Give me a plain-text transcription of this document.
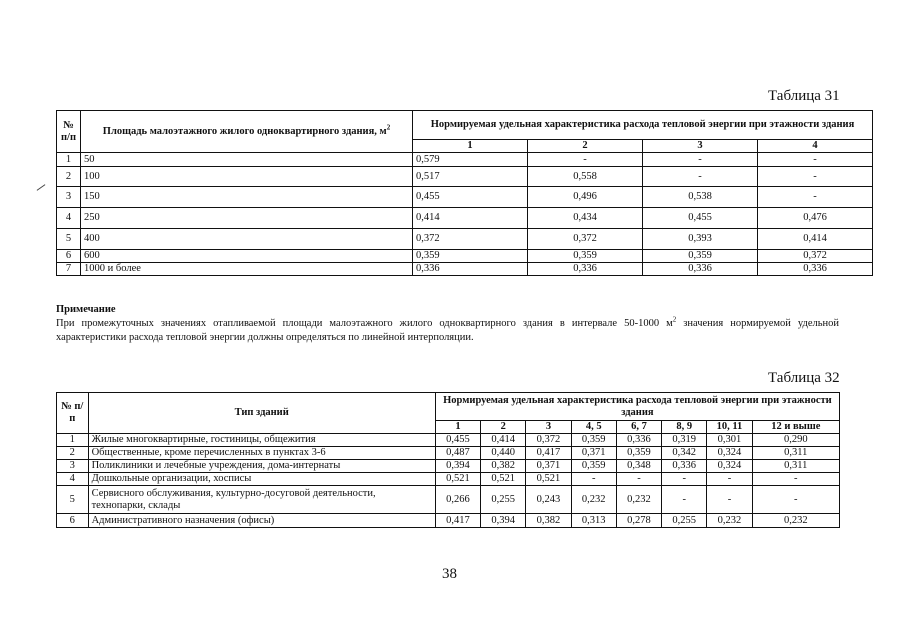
Таблица 31
№ п/п	Площадь малоэтажного жилого одноквартирного здания, $м^2$	Нормируемая удельная характеристика расхода тепловой энергии при этажности здания			
		1	2	3	4
1	50	0,579	-	-	-
2	100	0,517	0,558	-	-
3	150	0,455	0,496	0,538	-
4	250	0,414	0,434	0,455	0,476
5	400	0,372	0,372	0,393	0,414
6	600	0,359	0,359	0,359	0,372
7	1000 и более	0,336	0,336	0,336	0,336
Примечание
При промежуточных значениях отапливаемой площади малоэтажного жилого одноквартирного здания в интервале 50-1000 $м^2$ значения нормируемой удельной характеристики расхода тепловой энергии должны определяться по линейной интерполяции.
Таблица 32
№ п/п	Тип зданий	Нормируемая удельная характеристика расхода тепловой энергии при этажности здания							
		1	2	3	4, 5	6, 7	8, 9	10, 11	12 и выше
1	Жилые многоквартирные, гостиницы, общежития	0,455	0,414	0,372	0,359	0,336	0,319	0,301	0,290
2	Общественные, кроме перечисленных в пунктах 3-6	0,487	0,440	0,417	0,371	0,359	0,342	0,324	0,311
3	Поликлиники и лечебные учреждения, дома-интернаты	0,394	0,382	0,371	0,359	0,348	0,336	0,324	0,311
4	Дошкольные организации, хосписы	0,521	0,521	0,521	-	-	-	-	-
5	Сервисного обслуживания, культурно-досуговой деятельности, технопарки, склады	0,266	0,255	0,243	0,232	0,232	-	-	-
6	Административного назначения (офисы)	0,417	0,394	0,382	0,313	0,278	0,255	0,232	0,232
38
